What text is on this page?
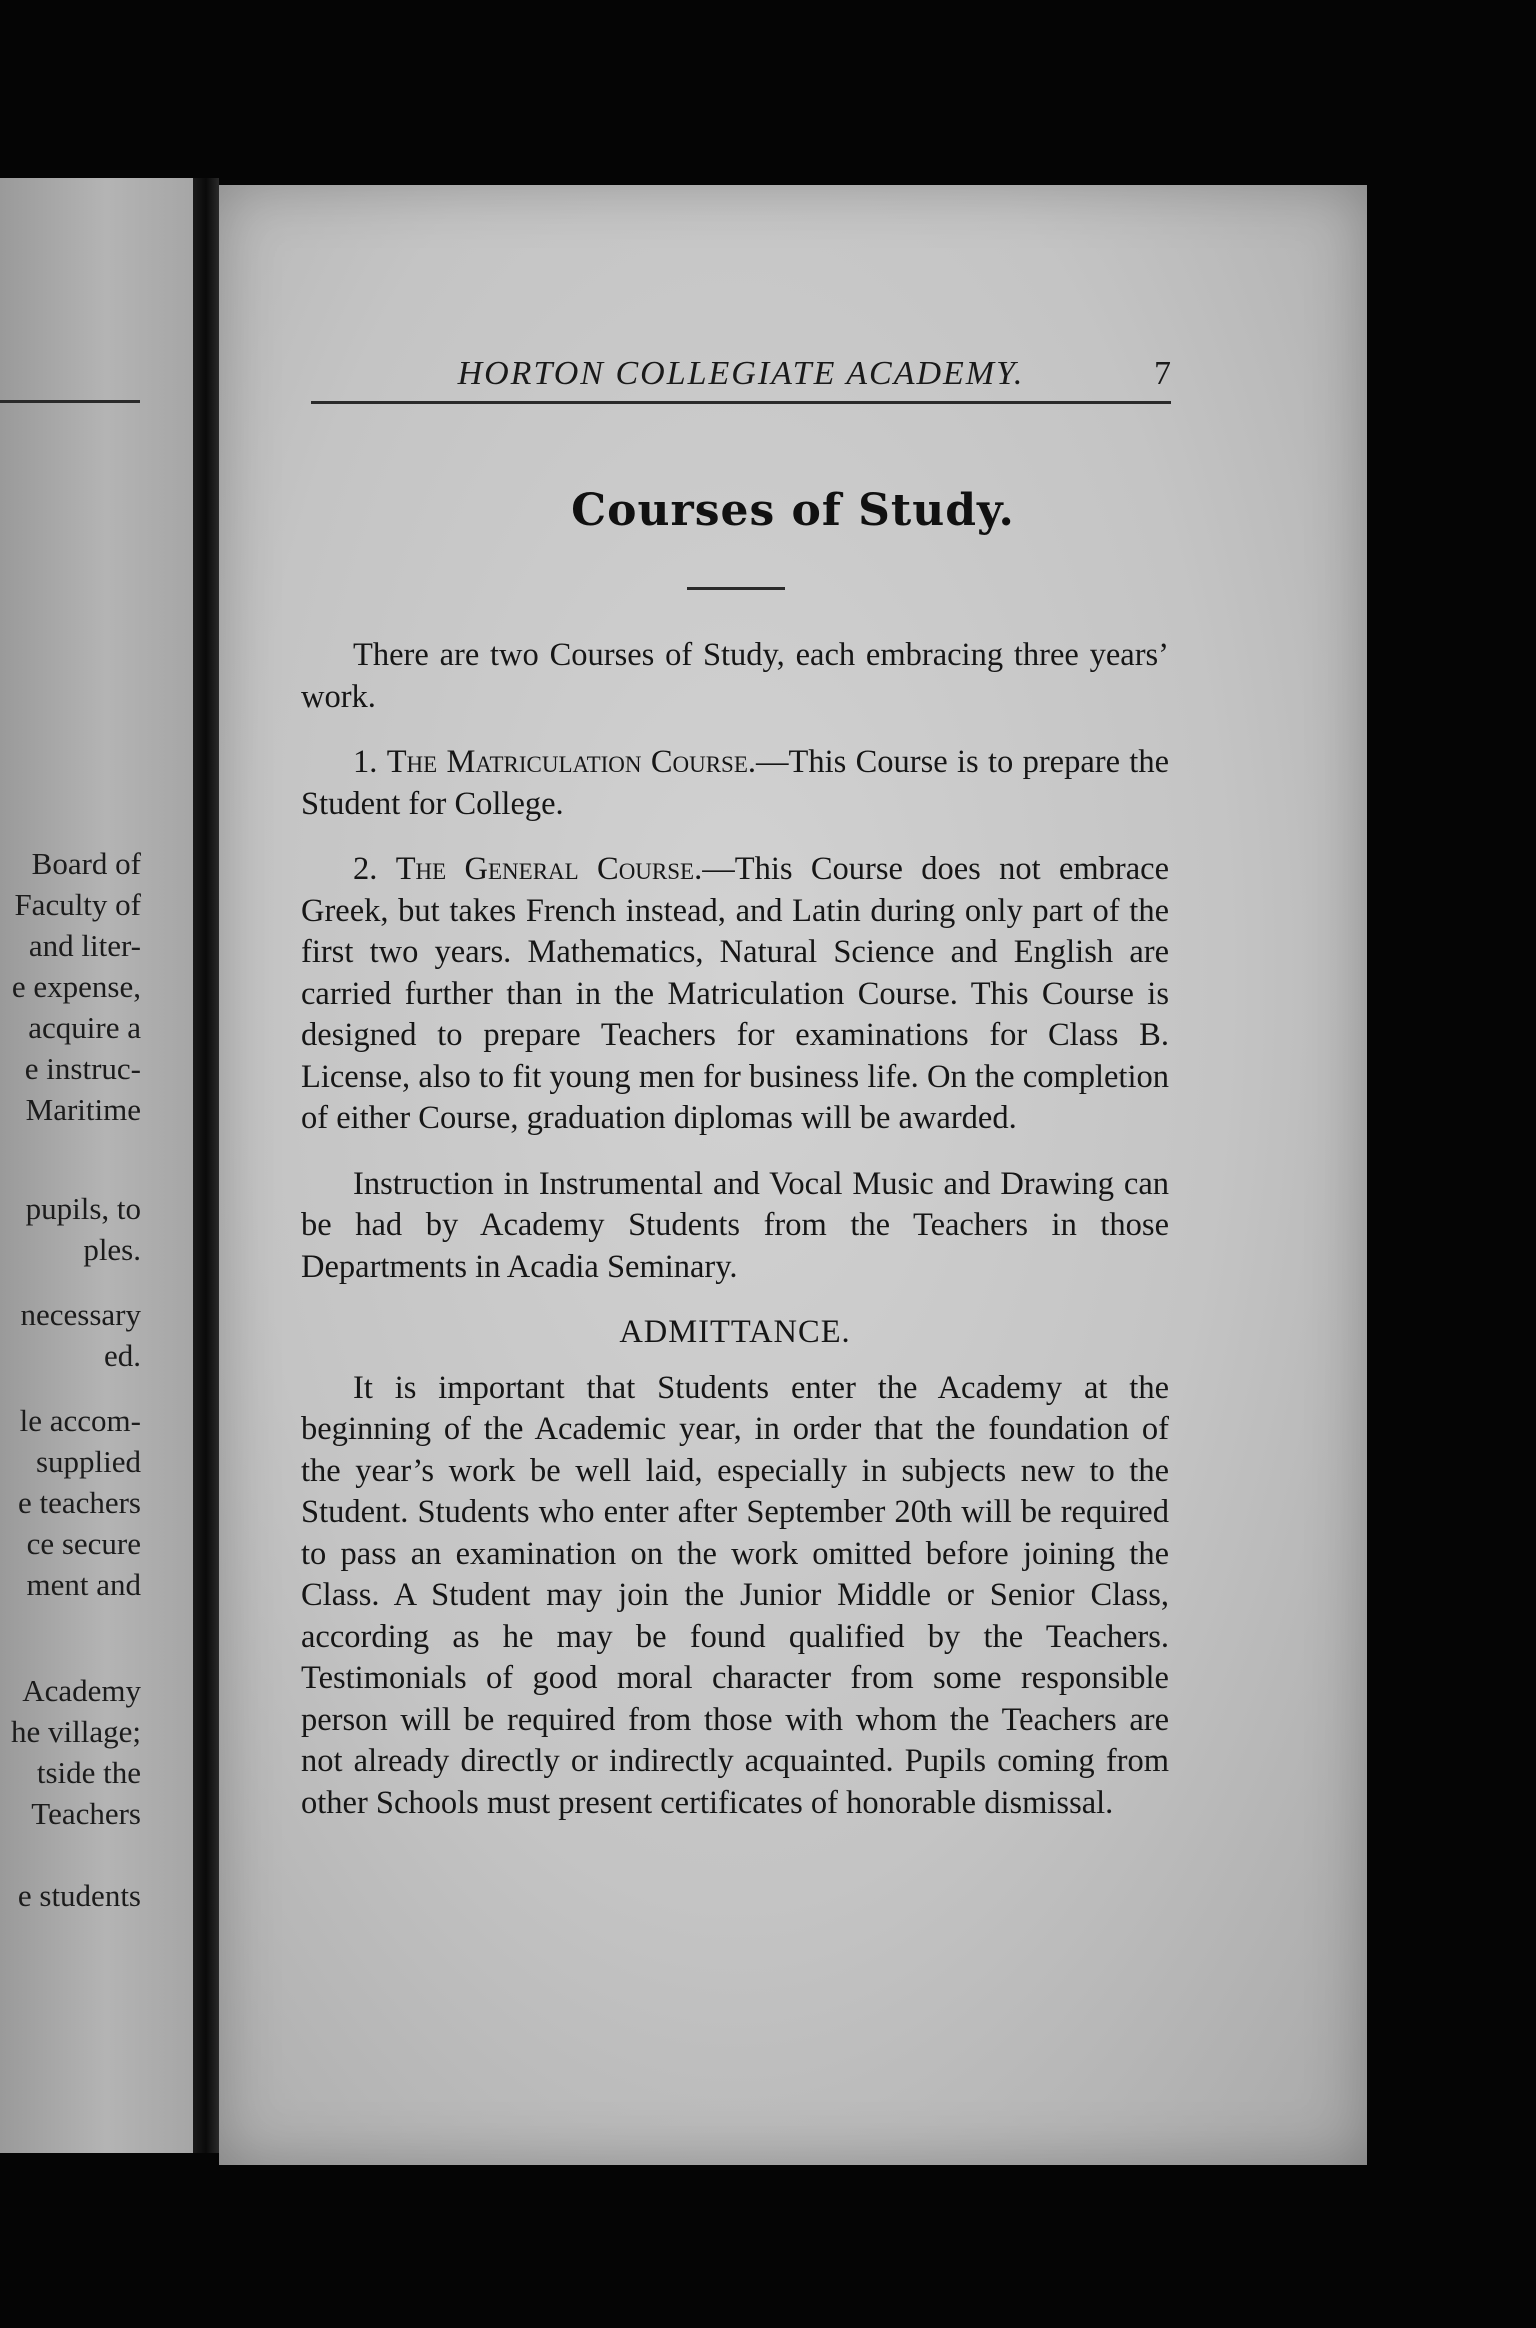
Board of
Faculty of
and liter-
e expense,
acquire a
e instruc-
Maritime
pupils, to
ples.
necessary
ed.
le accom-
supplied
e teachers
ce secure
ment and
Academy
he village;
tside the
Teachers
e students
HORTON COLLEGIATE ACADEMY.	7
Courses of Study.

There are two Courses of Study, each embracing three years’ work.

1. The Matriculation Course.—This Course is to prepare the Student for College.

2. The General Course.—This Course does not embrace Greek, but takes French instead, and Latin during only part of the first two years. Mathematics, Natural Science and English are carried further than in the Matriculation Course. This Course is designed to prepare Teachers for examinations for Class B. License, also to fit young men for business life. On the completion of either Course, graduation diplomas will be awarded.

Instruction in Instrumental and Vocal Music and Drawing can be had by Academy Students from the Teachers in those Departments in Acadia Seminary.

ADMITTANCE.

It is important that Students enter the Academy at the beginning of the Academic year, in order that the foundation of the year’s work be well laid, especially in subjects new to the Student. Students who enter after September 20th will be required to pass an examination on the work omitted before joining the Class. A Student may join the Junior Middle or Senior Class, according as he may be found qualified by the Teachers. Testimonials of good moral character from some responsible person will be required from those with whom the Teachers are not already directly or indirectly acquainted. Pupils coming from other Schools must present certificates of honorable dismissal.
